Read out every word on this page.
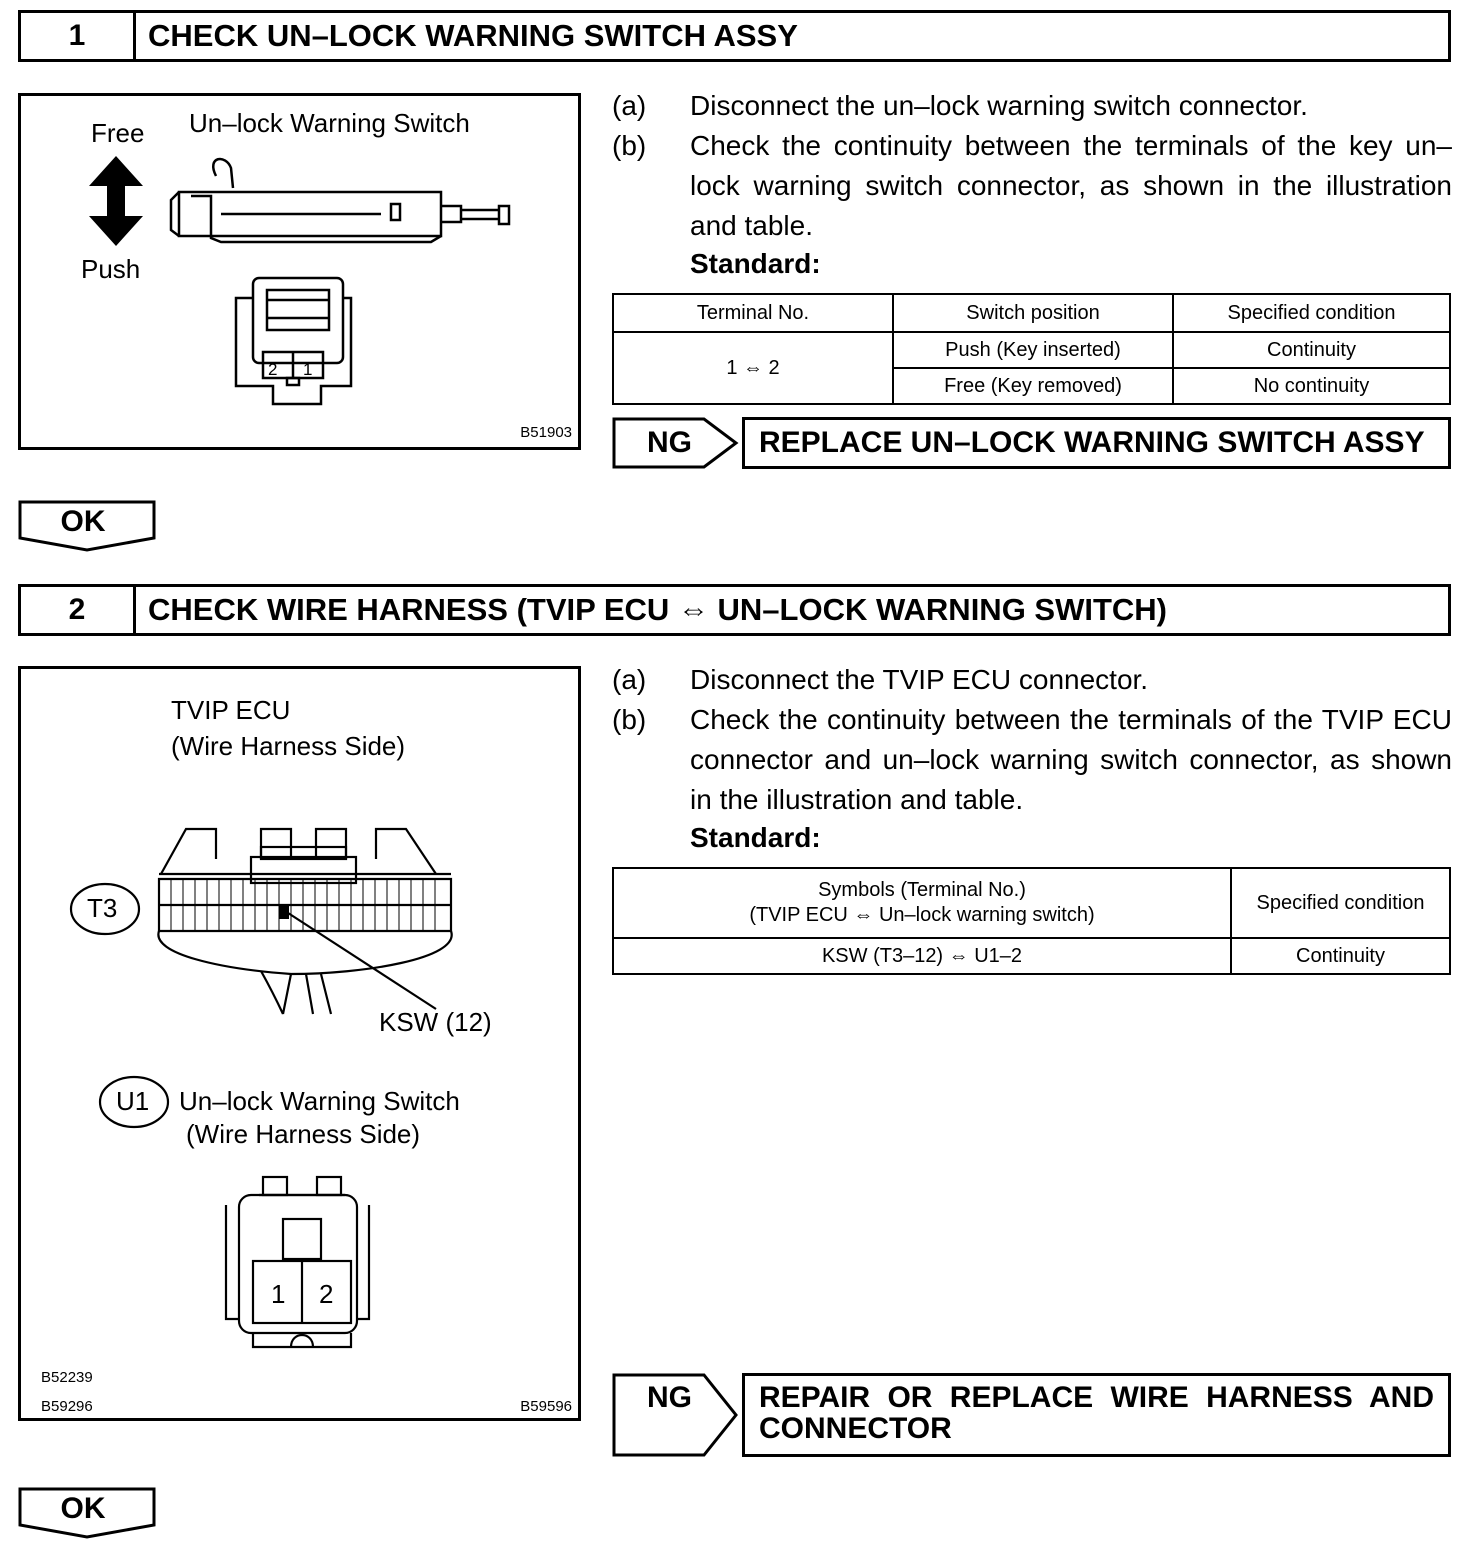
1	CHECK UN–LOCK WARNING SWITCH ASSY
Free
Push
Un–lock Warning Switch
2 1
B51903
(a) Disconnect the un–lock warning switch connector.
(b) Check the continuity between the terminals of the key un–lock warning switch connector, as shown in the illustration and table.
Standard:
Terminal No.	Switch position	Specified condition
1 ⇔ 2	Push (Key inserted)	Continuity
	Free (Key removed)	No continuity
NG	REPLACE UN–LOCK WARNING SWITCH ASSY
OK
2	CHECK WIRE HARNESS (TVIP ECU ⇔ UN–LOCK WARNING SWITCH)
TVIP ECU
(Wire Harness Side)
T3
KSW (12)
U1 Un–lock Warning Switch
(Wire Harness Side)
1 2
B52239
B59296	B59596
(a) Disconnect the TVIP ECU connector.
(b) Check the continuity between the terminals of the TVIP ECU connector and un–lock warning switch connector, as shown in the illustration and table.
Standard:
Symbols (Terminal No.)
(TVIP ECU ⇔ Un–lock warning switch)	Specified condition
KSW (T3–12) ⇔ U1–2	Continuity
NG	REPAIR OR REPLACE WIRE HARNESS AND CONNECTOR
OK
